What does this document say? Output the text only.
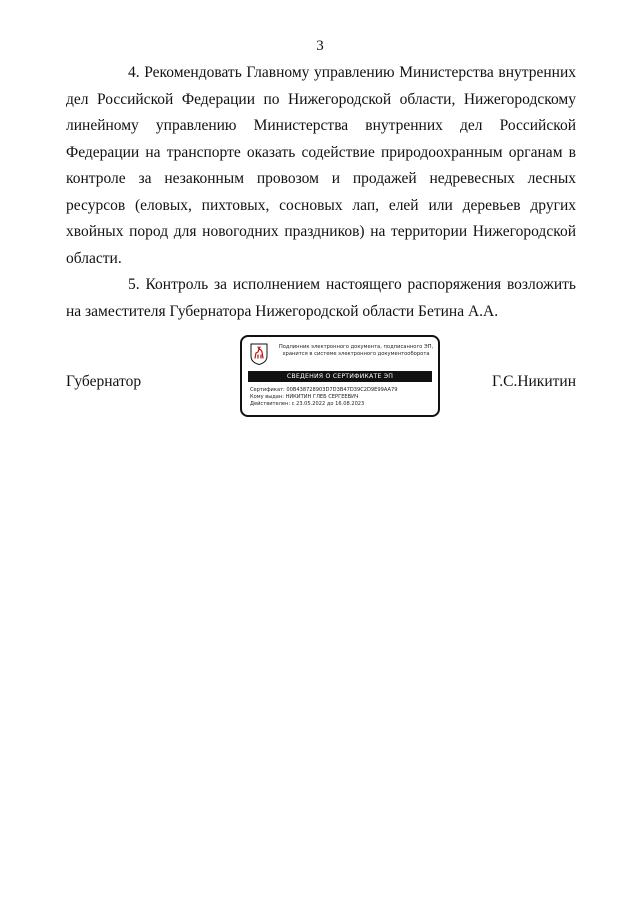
3

4. Рекомендовать Главному управлению Министерства внутренних дел Российской Федерации по Нижегородской области, Нижегородскому линейному управлению Министерства внутренних дел Российской Федерации на транспорте оказать содействие природоохранным органам в контроле за незаконным провозом и продажей недревесных лесных ресурсов (еловых, пихтовых, сосновых лап, елей или деревьев других хвойных пород для новогодних праздников) на территории Нижегородской области.

5. Контроль за исполнением настоящего распоряжения возложить на заместителя Губернатора Нижегородской области Бетина А.А.

Губернатор
Подлинник электронного документа, подписанного ЭП,
хранится в системе электронного документооборота
СВЕДЕНИЯ О СЕРТИФИКАТЕ ЭП
Сертификат: 00B438728903D7D3B47D39C2D9E99AA79
Кому выдан: НИКИТИН ГЛЕБ СЕРГЕЕВИЧ
Действителен: с 23.05.2022 до 16.08.2023
Г.С.Никитин
